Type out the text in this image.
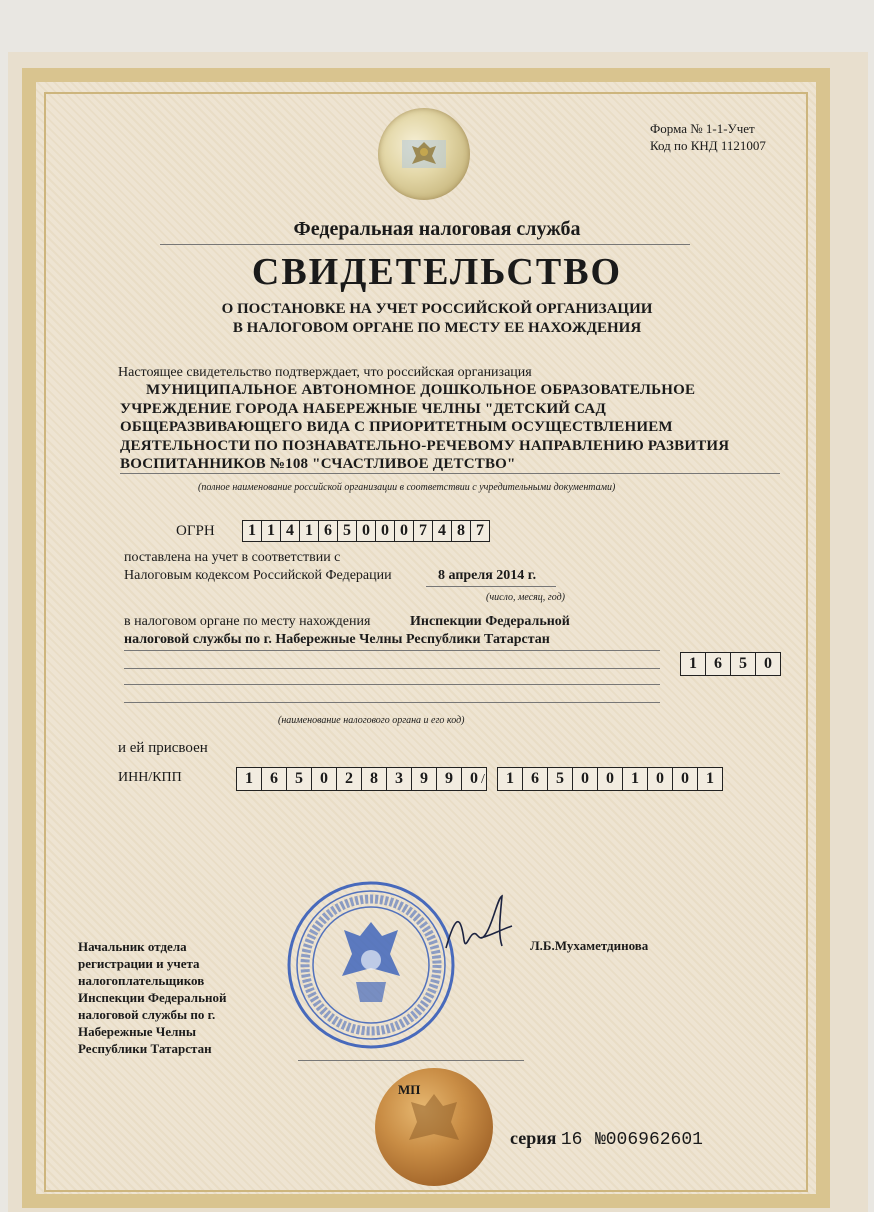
Форма № 1-1-Учет
Код по КНД 1121007
Федеральная налоговая служба
СВИДЕТЕЛЬСТВО
О ПОСТАНОВКЕ НА УЧЕТ РОССИЙСКОЙ ОРГАНИЗАЦИИ
В НАЛОГОВОМ ОРГАНЕ ПО МЕСТУ ЕЕ НАХОЖДЕНИЯ
Настоящее свидетельство подтверждает, что российская организация
МУНИЦИПАЛЬНОЕ АВТОНОМНОЕ ДОШКОЛЬНОЕ ОБРАЗОВАТЕЛЬНОЕ
УЧРЕЖДЕНИЕ ГОРОДА НАБЕРЕЖНЫЕ ЧЕЛНЫ "ДЕТСКИЙ САД
ОБЩЕРАЗВИВАЮЩЕГО ВИДА С ПРИОРИТЕТНЫМ ОСУЩЕСТВЛЕНИЕМ
ДЕЯТЕЛЬНОСТИ ПО ПОЗНАВАТЕЛЬНО-РЕЧЕВОМУ НАПРАВЛЕНИЮ РАЗВИТИЯ
ВОСПИТАННИКОВ №108 "СЧАСТЛИВОЕ ДЕТСТВО"
(полное наименование российской организации в соответствии с учредительными документами)
ОГРН	1 1 4 1 6 5 0 0 0 7 4 8 7
поставлена на учет в соответствии с
Налоговым кодексом Российской Федерации	8 апреля 2014 г.
(число, месяц, год)
в налоговом органе по месту нахождения	Инспекции Федеральной
налоговой службы по г. Набережные Челны Республики Татарстан
1	6	5	0
(наименование налогового органа и его код)
и ей присвоен
ИНН/КПП	1	6	5	0	2	8	3	9	9	0 /	1	6	5	0	0	1	0	0	1
Начальник отдела
регистрации и учета
налогоплательщиков
Инспекции Федеральной
налоговой службы по г.
Набережные Челны
Республики Татарстан
Л.Б.Мухаметдинова
МП
серия 16 №006962601
